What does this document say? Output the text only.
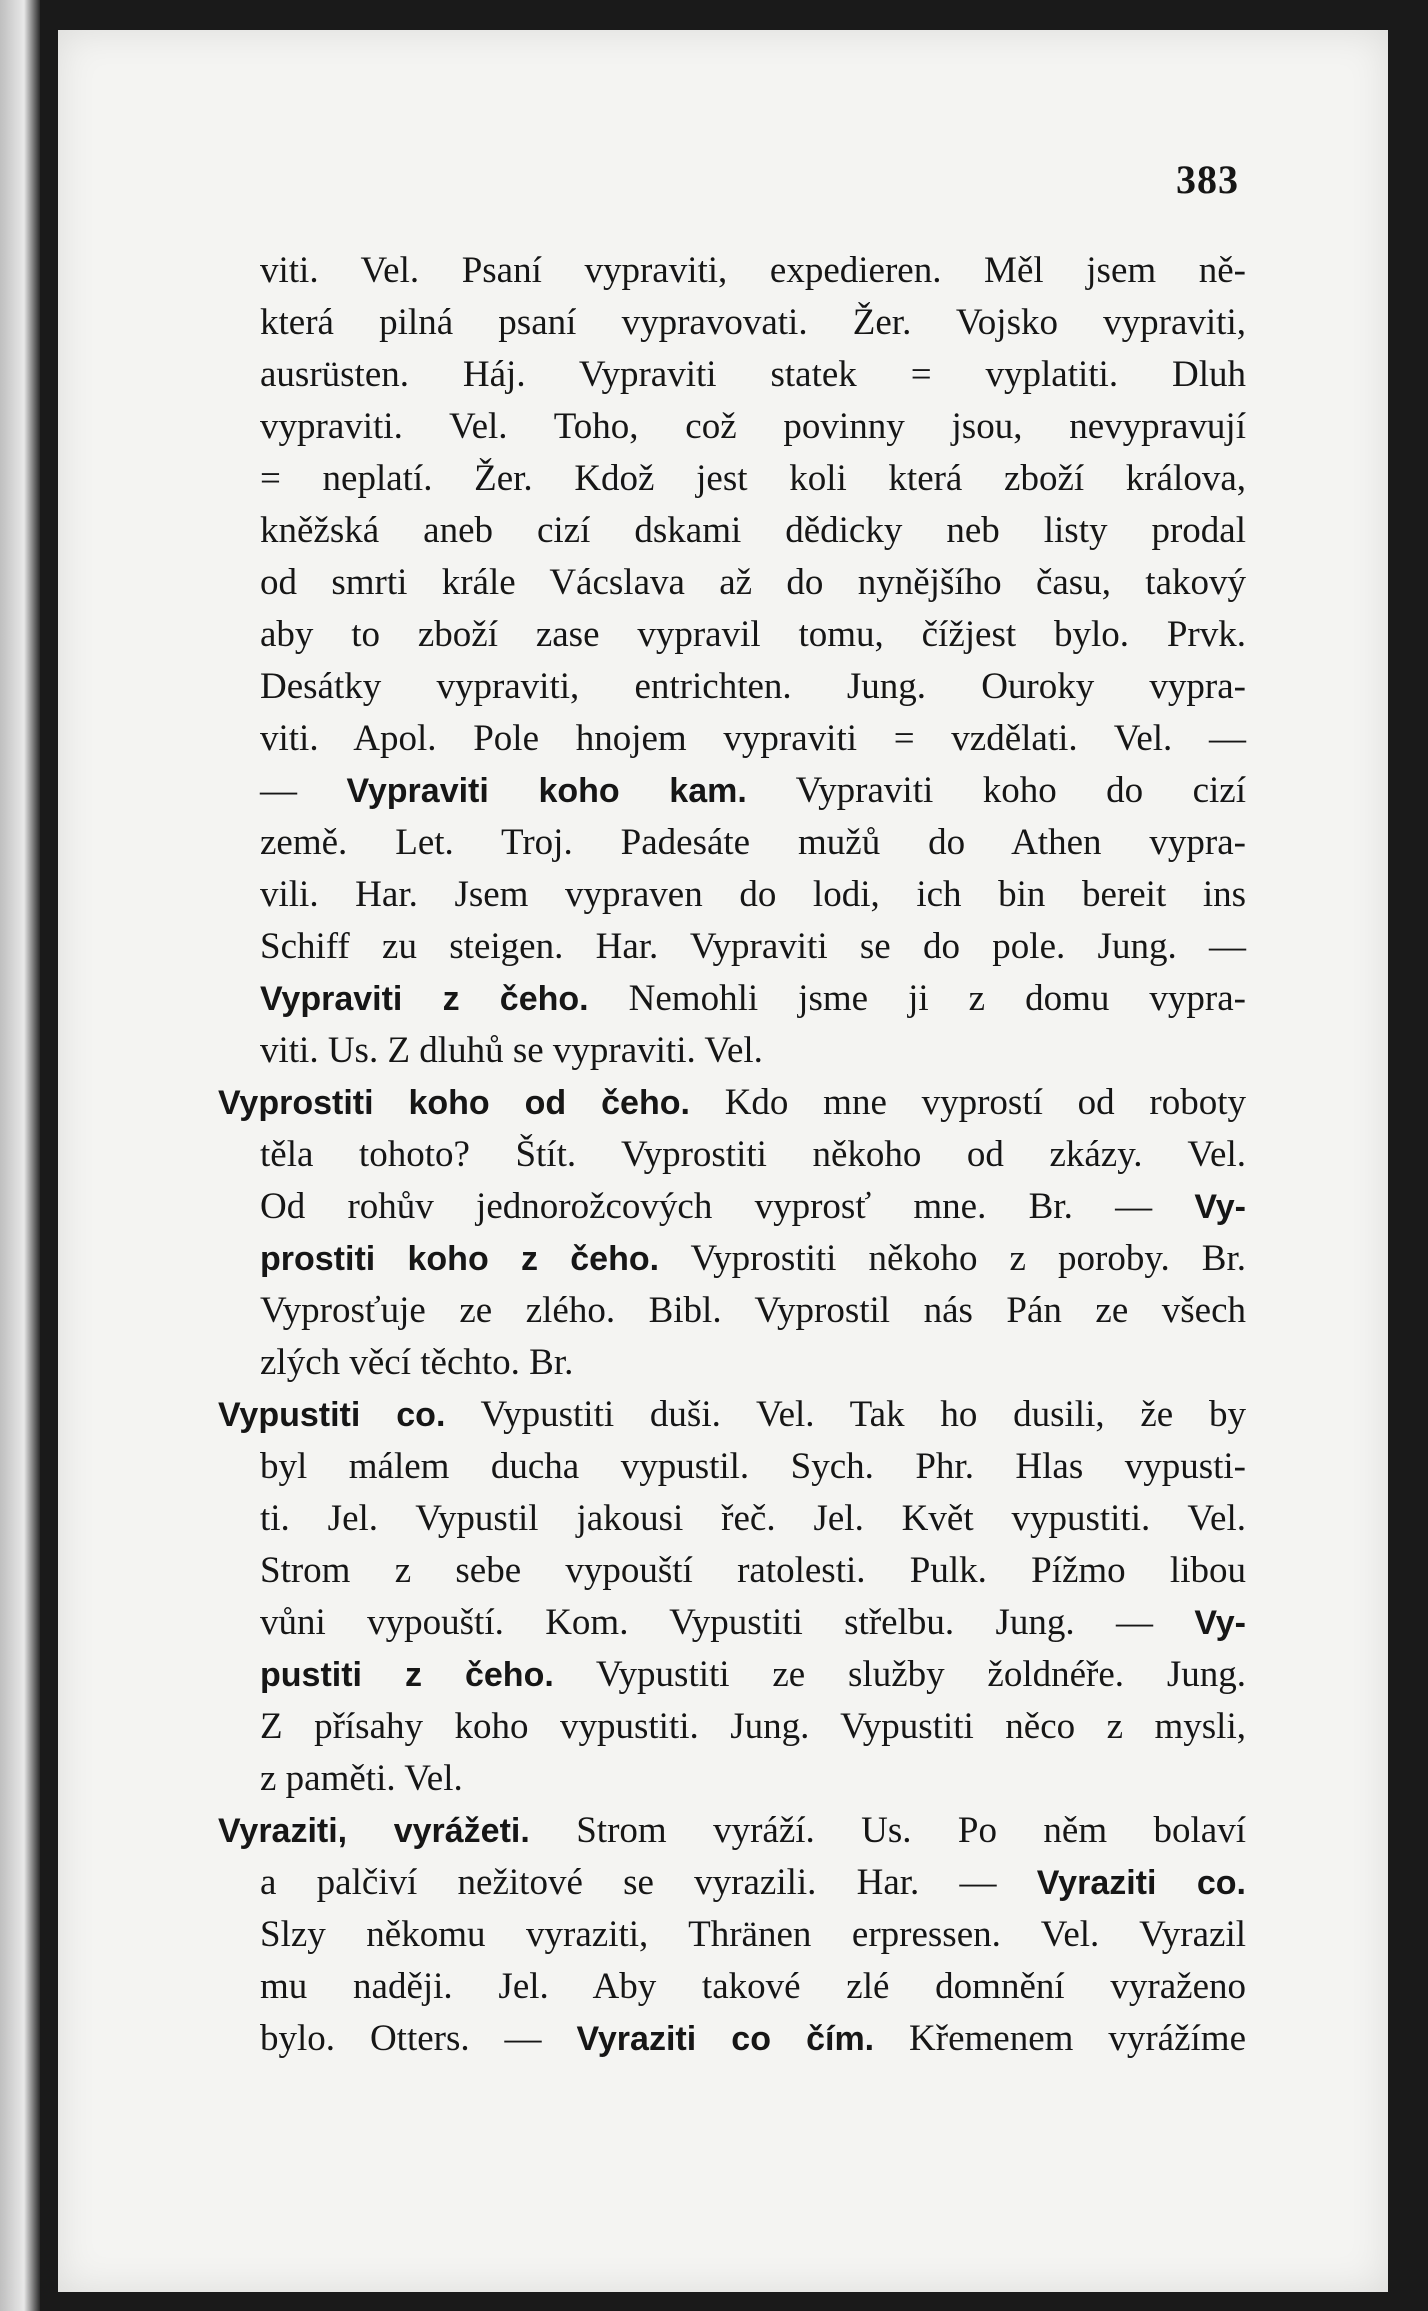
383
viti. Vel. Psaní vypraviti, expedieren. Měl jsem ně-
která pilná psaní vypravovati. Žer. Vojsko vypraviti,
ausrüsten. Háj. Vypraviti statek = vyplatiti. Dluh
vypraviti. Vel. Toho, což povinny jsou, nevypravují
= neplatí. Žer. Kdož jest koli která zboží králova,
kněžská aneb cizí dskami dědicky neb listy prodal
od smrti krále Vácslava až do nynějšího času, takový
aby to zboží zase vypravil tomu, čížjest bylo. Prvk.
Desátky vypraviti, entrichten. Jung. Ouroky vypra-
viti. Apol. Pole hnojem vypraviti = vzdělati. Vel. —
— Vypraviti koho kam. Vypraviti koho do cizí
země. Let. Troj. Padesáte mužů do Athen vypra-
vili. Har. Jsem vypraven do lodi, ich bin bereit ins
Schiff zu steigen. Har. Vypraviti se do pole. Jung. —
Vypraviti z čeho. Nemohli jsme ji z domu vypra-
viti. Us. Z dluhů se vypraviti. Vel.
Vyprostiti koho od čeho. Kdo mne vyprostí od roboty
těla tohoto? Štít. Vyprostiti někoho od zkázy. Vel.
Od rohův jednorožcových vyprosť mne. Br. — Vy-
prostiti koho z čeho. Vyprostiti někoho z poroby. Br.
Vyprosťuje ze zlého. Bibl. Vyprostil nás Pán ze všech
zlých věcí těchto. Br.
Vypustiti co. Vypustiti duši. Vel. Tak ho dusili, že by
byl málem ducha vypustil. Sych. Phr. Hlas vypusti-
ti. Jel. Vypustil jakousi řeč. Jel. Květ vypustiti. Vel.
Strom z sebe vypouští ratolesti. Pulk. Pížmo libou
vůni vypouští. Kom. Vypustiti střelbu. Jung. — Vy-
pustiti z čeho. Vypustiti ze služby žoldnéře. Jung.
Z přísahy koho vypustiti. Jung. Vypustiti něco z mysli,
z paměti. Vel.
Vyraziti, vyrážeti. Strom vyráží. Us. Po něm bolaví
a palčiví nežitové se vyrazili. Har. — Vyraziti co.
Slzy někomu vyraziti, Thränen erpressen. Vel. Vyrazil
mu naději. Jel. Aby takové zlé domnění vyraženo
bylo. Otters. — Vyraziti co čím. Křemenem vyrážíme
